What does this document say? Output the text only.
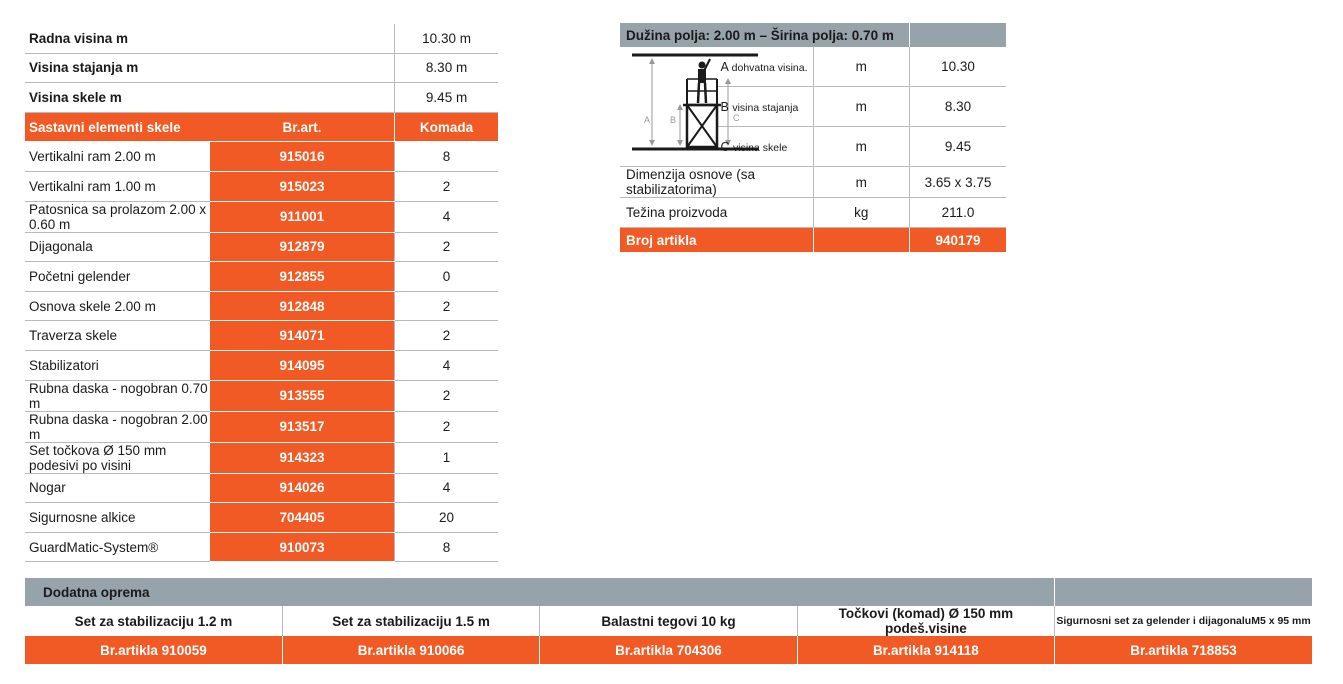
Radna visina m		10.30 m
Visina stajanja m		8.30 m
Visina skele m		9.45 m
Sastavni elementi skele	Br.art.	Komada
Vertikalni ram 2.00 m	915016	8
Vertikalni ram 1.00 m	915023	2
Patosnica sa prolazom 2.00 x 0.60 m	911001	4
Dijagonala	912879	2
Početni gelender	912855	0
Osnova skele 2.00 m	912848	2
Traverza skele	914071	2
Stabilizatori	914095	4
Rubna daska - nogobran 0.70 m	913555	2
Rubna daska - nogobran 2.00 m	913517	2
Set točkova Ø 150 mm podesivi po visini	914323	1
Nogar	914026	4
Sigurnosne alkice	704405	20
GuardMatic-System®	910073	8
Dužina polja: 2.00 m – Širina polja: 0.70 m			

A B C	A dohvatna visina.	m	10.30
	B visina stajanja	m	8.30
	C visina skele	m	9.45
Dimenzija osnove (sa stabilizatorima)		m	3.65 x 3.75
Težina proizvoda		kg	211.0
Broj artikla			940179
Dodatna oprema				
Set za stabilizaciju 1.2 m	Set za stabilizaciju 1.5 m	Balastni tegovi 10 kg	Točkovi (komad) Ø 150 mm podeš.visine	Sigurnosni set za gelender i dijagonaluM5 x 95 mm
Br.artikla 910059	Br.artikla 910066	Br.artikla 704306	Br.artikla 914118	Br.artikla 718853
